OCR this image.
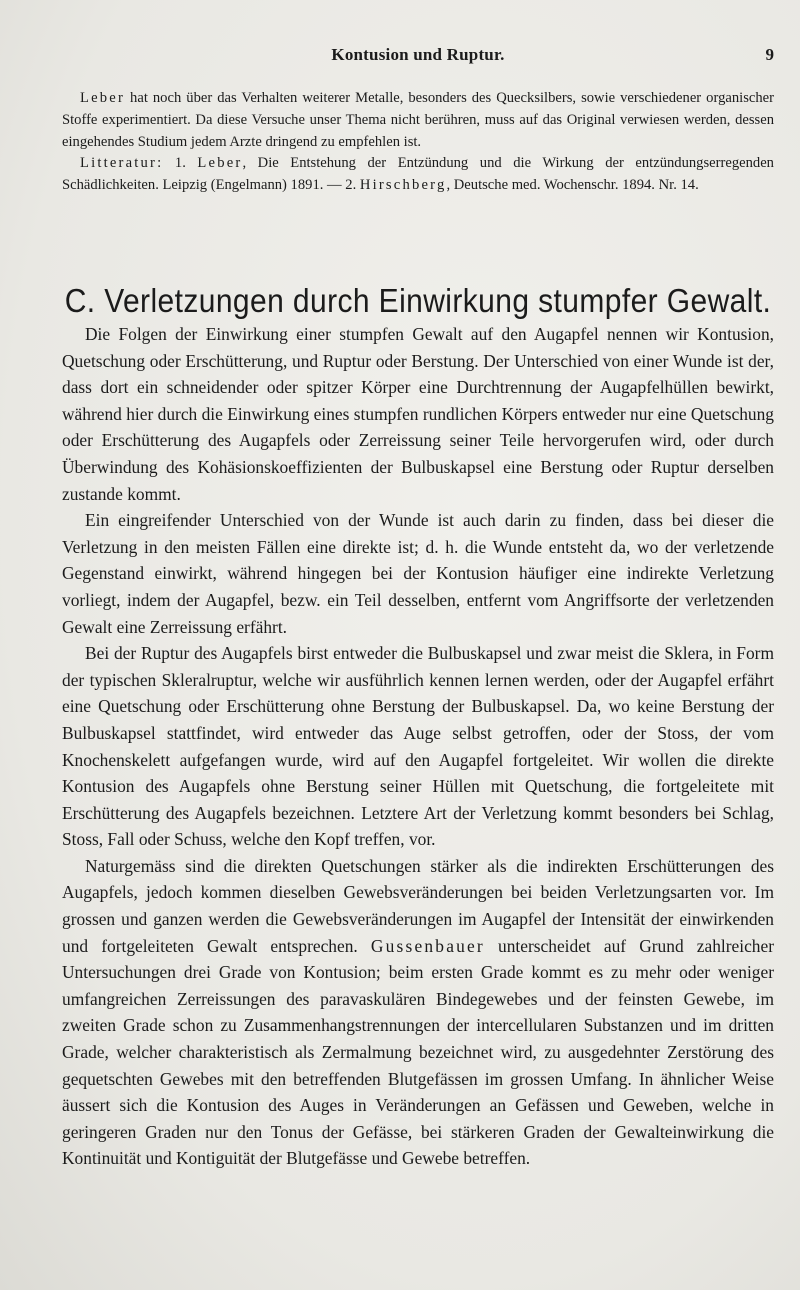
Kontusion und Ruptur.	9

Leber hat noch über das Verhalten weiterer Metalle, besonders des Quecksilbers, sowie verschiedener organischer Stoffe experimentiert. Da diese Versuche unser Thema nicht berühren, muss auf das Original verwiesen werden, dessen eingehendes Studium jedem Arzte dringend zu empfehlen ist.

Litteratur: 1. Leber, Die Entstehung der Entzündung und die Wirkung der entzündungserregenden Schädlichkeiten. Leipzig (Engelmann) 1891. — 2. Hirschberg, Deutsche med. Wochenschr. 1894. Nr. 14.

C. Verletzungen durch Einwirkung stumpfer Gewalt.

Die Folgen der Einwirkung einer stumpfen Gewalt auf den Augapfel nennen wir Kontusion, Quetschung oder Erschütterung, und Ruptur oder Berstung. Der Unterschied von einer Wunde ist der, dass dort ein schneidender oder spitzer Körper eine Durchtrennung der Augapfelhüllen bewirkt, während hier durch die Einwirkung eines stumpfen rundlichen Körpers entweder nur eine Quetschung oder Erschütterung des Augapfels oder Zerreissung seiner Teile hervorgerufen wird, oder durch Überwindung des Kohäsionskoeffizienten der Bulbuskapsel eine Berstung oder Ruptur derselben zustande kommt.

Ein eingreifender Unterschied von der Wunde ist auch darin zu finden, dass bei dieser die Verletzung in den meisten Fällen eine direkte ist; d. h. die Wunde entsteht da, wo der verletzende Gegenstand einwirkt, während hingegen bei der Kontusion häufiger eine indirekte Verletzung vorliegt, indem der Augapfel, bezw. ein Teil desselben, entfernt vom Angriffsorte der verletzenden Gewalt eine Zerreissung erfährt.

Bei der Ruptur des Augapfels birst entweder die Bulbuskapsel und zwar meist die Sklera, in Form der typischen Skleralruptur, welche wir ausführlich kennen lernen werden, oder der Augapfel erfährt eine Quetschung oder Erschütterung ohne Berstung der Bulbuskapsel. Da, wo keine Berstung der Bulbuskapsel stattfindet, wird entweder das Auge selbst getroffen, oder der Stoss, der vom Knochenskelett aufgefangen wurde, wird auf den Augapfel fortgeleitet. Wir wollen die direkte Kontusion des Augapfels ohne Berstung seiner Hüllen mit Quetschung, die fortgeleitete mit Erschütterung des Augapfels bezeichnen. Letztere Art der Verletzung kommt besonders bei Schlag, Stoss, Fall oder Schuss, welche den Kopf treffen, vor.

Naturgemäss sind die direkten Quetschungen stärker als die indirekten Erschütterungen des Augapfels, jedoch kommen dieselben Gewebsveränderungen bei beiden Verletzungsarten vor. Im grossen und ganzen werden die Gewebsveränderungen im Augapfel der Intensität der einwirkenden und fortgeleiteten Gewalt entsprechen. Gussenbauer unterscheidet auf Grund zahlreicher Untersuchungen drei Grade von Kontusion; beim ersten Grade kommt es zu mehr oder weniger umfangreichen Zerreissungen des paravaskulären Bindegewebes und der feinsten Gewebe, im zweiten Grade schon zu Zusammenhangstrennungen der intercellularen Substanzen und im dritten Grade, welcher charakteristisch als Zermalmung bezeichnet wird, zu ausgedehnter Zerstörung des gequetschten Gewebes mit den betreffenden Blutgefässen im grossen Umfang. In ähnlicher Weise äussert sich die Kontusion des Auges in Veränderungen an Gefässen und Geweben, welche in geringeren Graden nur den Tonus der Gefässe, bei stärkeren Graden der Gewalteinwirkung die Kontinuität und Kontiguität der Blutgefässe und Gewebe betreffen.
